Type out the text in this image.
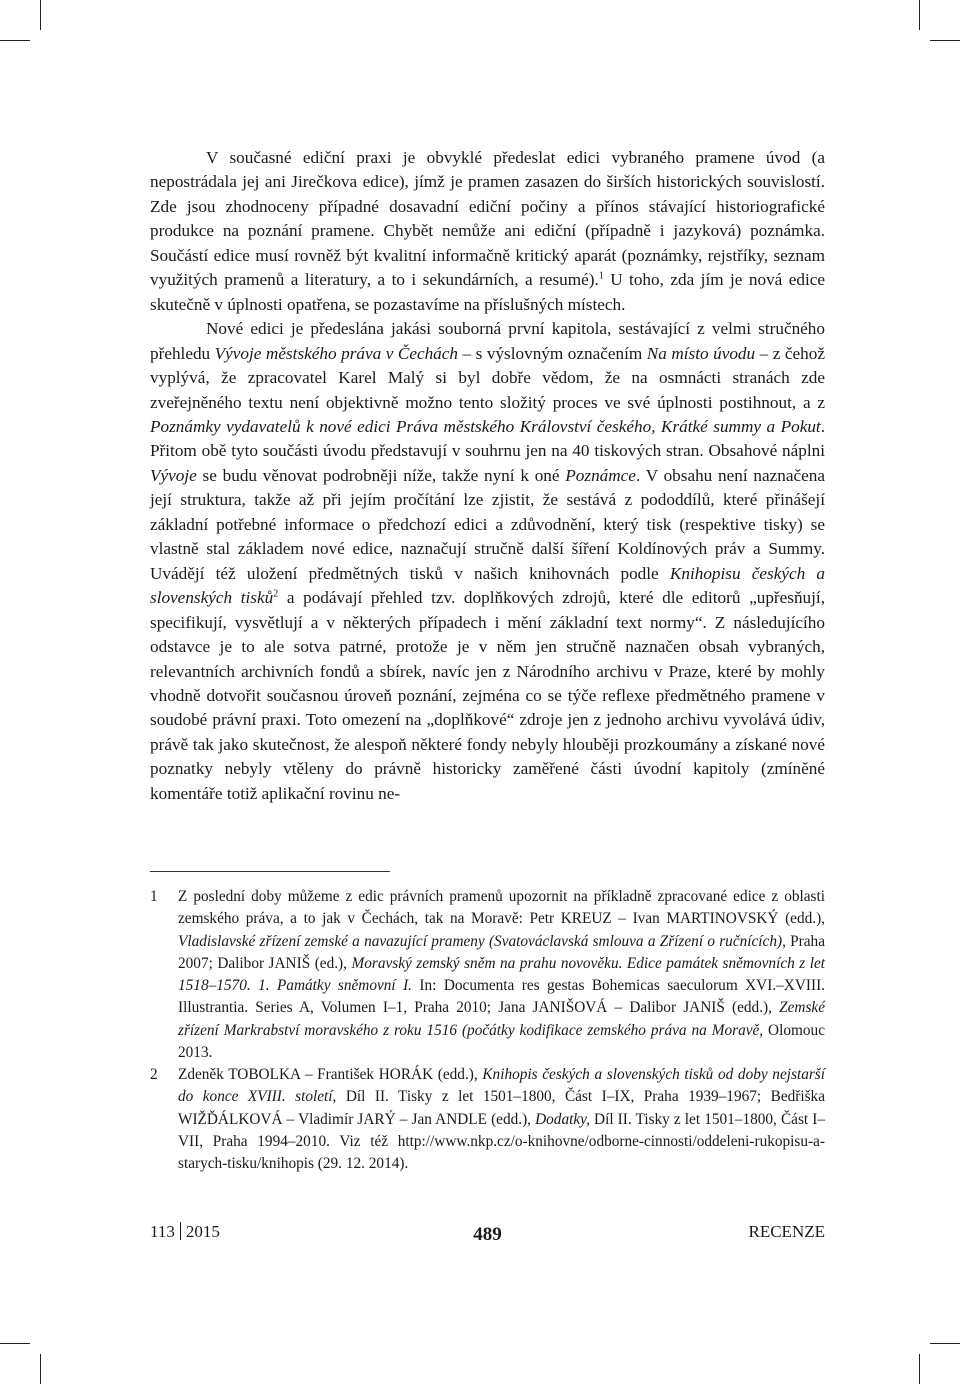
V současné ediční praxi je obvyklé předeslat edici vybraného pramene úvod (a nepostrádala jej ani Jirečkova edice), jímž je pramen zasazen do širších historických souvislostí. Zde jsou zhodnoceny případné dosavadní ediční počiny a přínos stávající historiografické produkce na poznání pramene. Chybět nemůže ani ediční (případně i jazyková) poznámka. Součástí edice musí rovněž být kvalitní informačně kritický aparát (poznámky, rejstříky, seznam využitých pramenů a literatury, a to i sekundárních, a resumé).$^1$ U toho, zda jím je nová edice skutečně v úplnosti opatřena, se pozastavíme na příslušných místech.

Nové edici je předeslána jakási souborná první kapitola, sestávající z velmi stručného přehledu Vývoje městského práva v Čechách – s výslovným označením Na místo úvodu – z čehož vyplývá, že zpracovatel Karel Malý si byl dobře vědom, že na osmnácti stranách zde zveřejněného textu není objektivně možno tento složitý proces ve své úplnosti postihnout, a z Poznámky vydavatelů k nové edici Práva městského Království českého, Krátké summy a Pokut. Přitom obě tyto součásti úvodu představují v souhrnu jen na 40 tiskových stran. Obsahové náplni Vývoje se budu věnovat podrobněji níže, takže nyní k oné Poznámce. V obsahu není naznačena její struktura, takže až při jejím pročítání lze zjistit, že sestává z pododdílů, které přinášejí základní potřebné informace o předchozí edici a zdůvodnění, který tisk (respektive tisky) se vlastně stal základem nové edice, naznačují stručně další šíření Koldínových práv a Summy. Uvádějí též uložení předmětných tisků v našich knihovnách podle Knihopisu českých a slovenských tisků$^2$ a podávají přehled tzv. doplňkových zdrojů, které dle editorů „upřesňují, specifikují, vysvětlují a v některých případech i mění základní text normy“. Z následujícího odstavce je to ale sotva patrné, protože je v něm jen stručně naznačen obsah vybraných, relevantních archivních fondů a sbírek, navíc jen z Národního archivu v Praze, které by mohly vhodně dotvořit současnou úroveň poznání, zejména co se týče reflexe předmětného pramene v soudobé právní praxi. Toto omezení na „doplňkové“ zdroje jen z jednoho archivu vyvolává údiv, právě tak jako skutečnost, že alespoň některé fondy nebyly hlouběji prozkoumány a získané nové poznatky nebyly vtěleny do právně historicky zaměřené části úvodní kapitoly (zmíněné komentáře totiž aplikační rovinu ne-

1	Z poslední doby můžeme z edic právních pramenů upozornit na příkladně zpracované edice z oblasti zemského práva, a to jak v Čechách, tak na Moravě: Petr KREUZ – Ivan MARTINOVSKÝ (edd.), Vladislavské zřízení zemské a navazující prameny (Svatováclavská smlouva a Zřízení o ručnících), Praha 2007; Dalibor JANIŠ (ed.), Moravský zemský sněm na prahu novověku. Edice památek sněmovních z let 1518–1570. 1. Památky sněmovní I. In: Documenta res gestas Bohemicas saeculorum XVI.–XVIII. Illustrantia. Series A, Volumen I–1, Praha 2010; Jana JANIŠOVÁ – Dalibor JANIŠ (edd.), Zemské zřízení Markrabství moravského z roku 1516 (počátky kodifikace zemského práva na Moravě, Olomouc 2013.
2	Zdeněk TOBOLKA – František HORÁK (edd.), Knihopis českých a slovenských tisků od doby nejstarší do konce XVIII. století, Díl II. Tisky z let 1501–1800, Část I–IX, Praha 1939–1967; Bedřiška WIŽĎÁLKOVÁ – Vladimír JARÝ – Jan ANDLE (edd.), Dodatky, Díl II. Tisky z let 1501–1800, Část I–VII, Praha 1994–2010. Viz též http://www.nkp.cz/o-knihovne/odborne-cinnosti/oddeleni-rukopisu-a-starych-tisku/knihopis (29. 12. 2014).
113 2015	489	RECENZE
